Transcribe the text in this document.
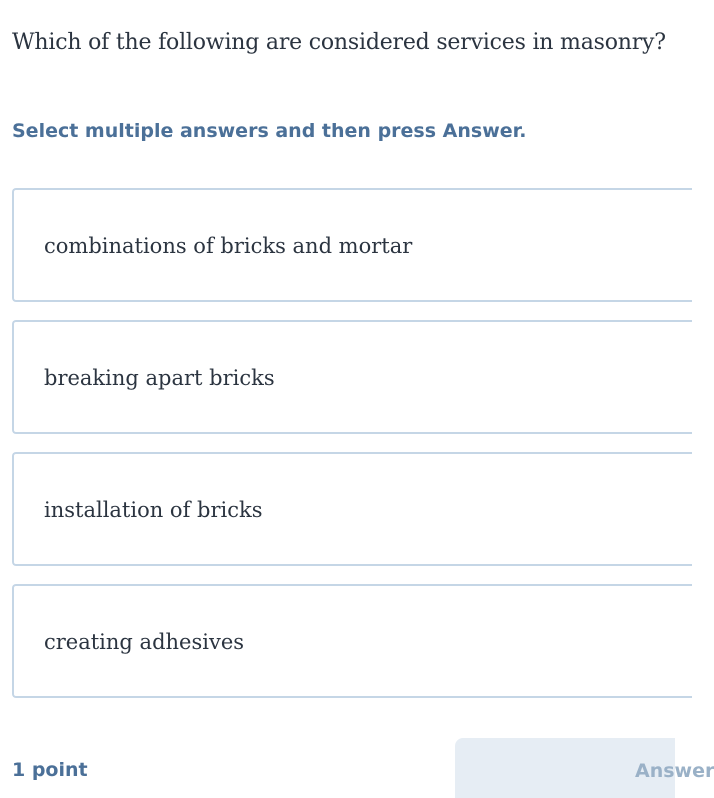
Which of the following are considered services in masonry?

Select multiple answers and then press Answer.

combinations of bricks and mortar
breaking apart bricks
installation of bricks
creating adhesives
1 point	Answer
